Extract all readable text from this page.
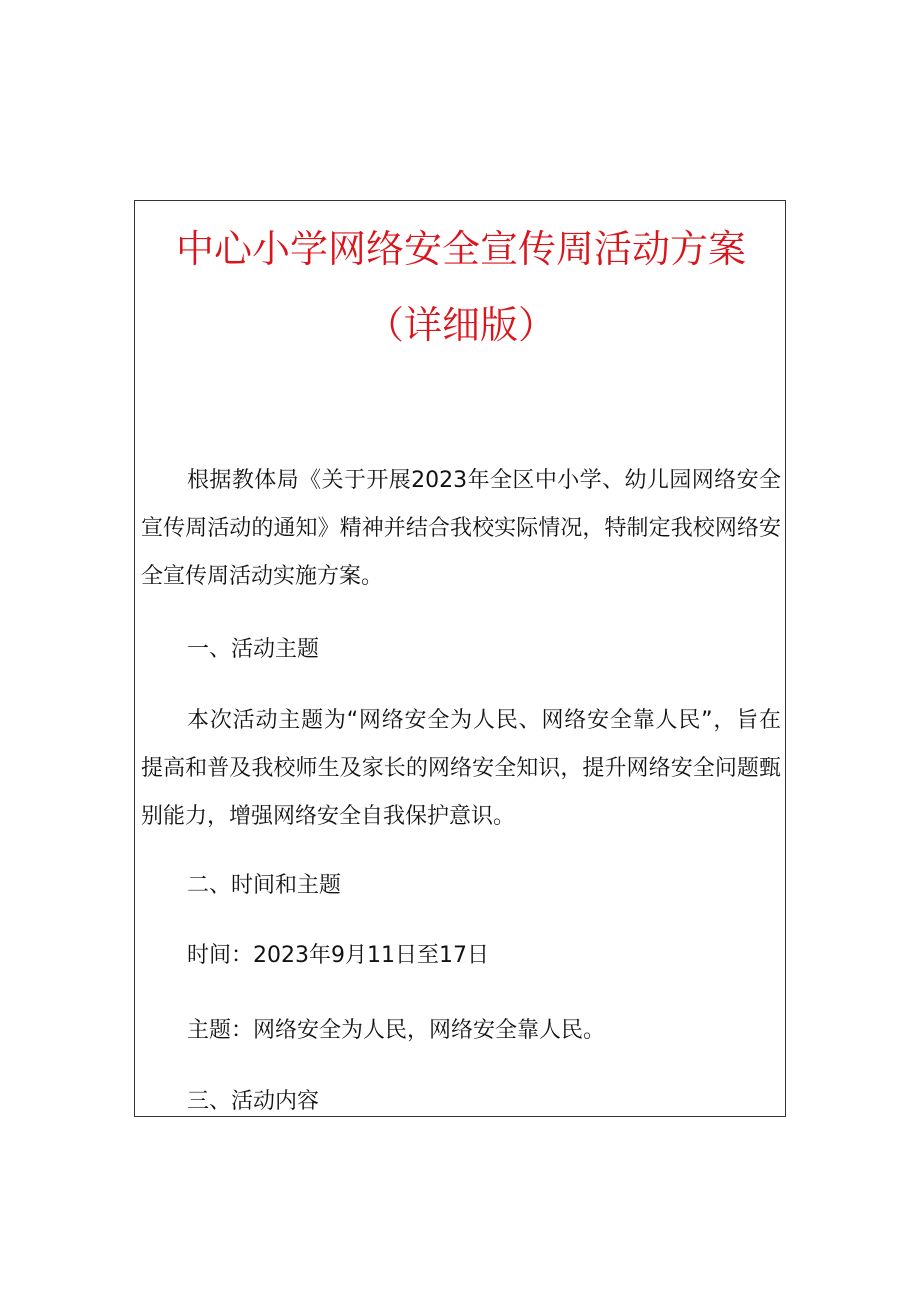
中心小学网络安全宣传周活动方案
（详细版）

根据教体局《关于开展2023年全区中小学、幼儿园网络安全宣传周活动的通知》精神并结合我校实际情况，特制定我校网络安全宣传周活动实施方案。

一、活动主题

本次活动主题为“网络安全为人民、网络安全靠人民”，旨在提高和普及我校师生及家长的网络安全知识，提升网络安全问题甄别能力，增强网络安全自我保护意识。

二、时间和主题

时间：2023年9月11日至17日

主题：网络安全为人民，网络安全靠人民。

三、活动内容
